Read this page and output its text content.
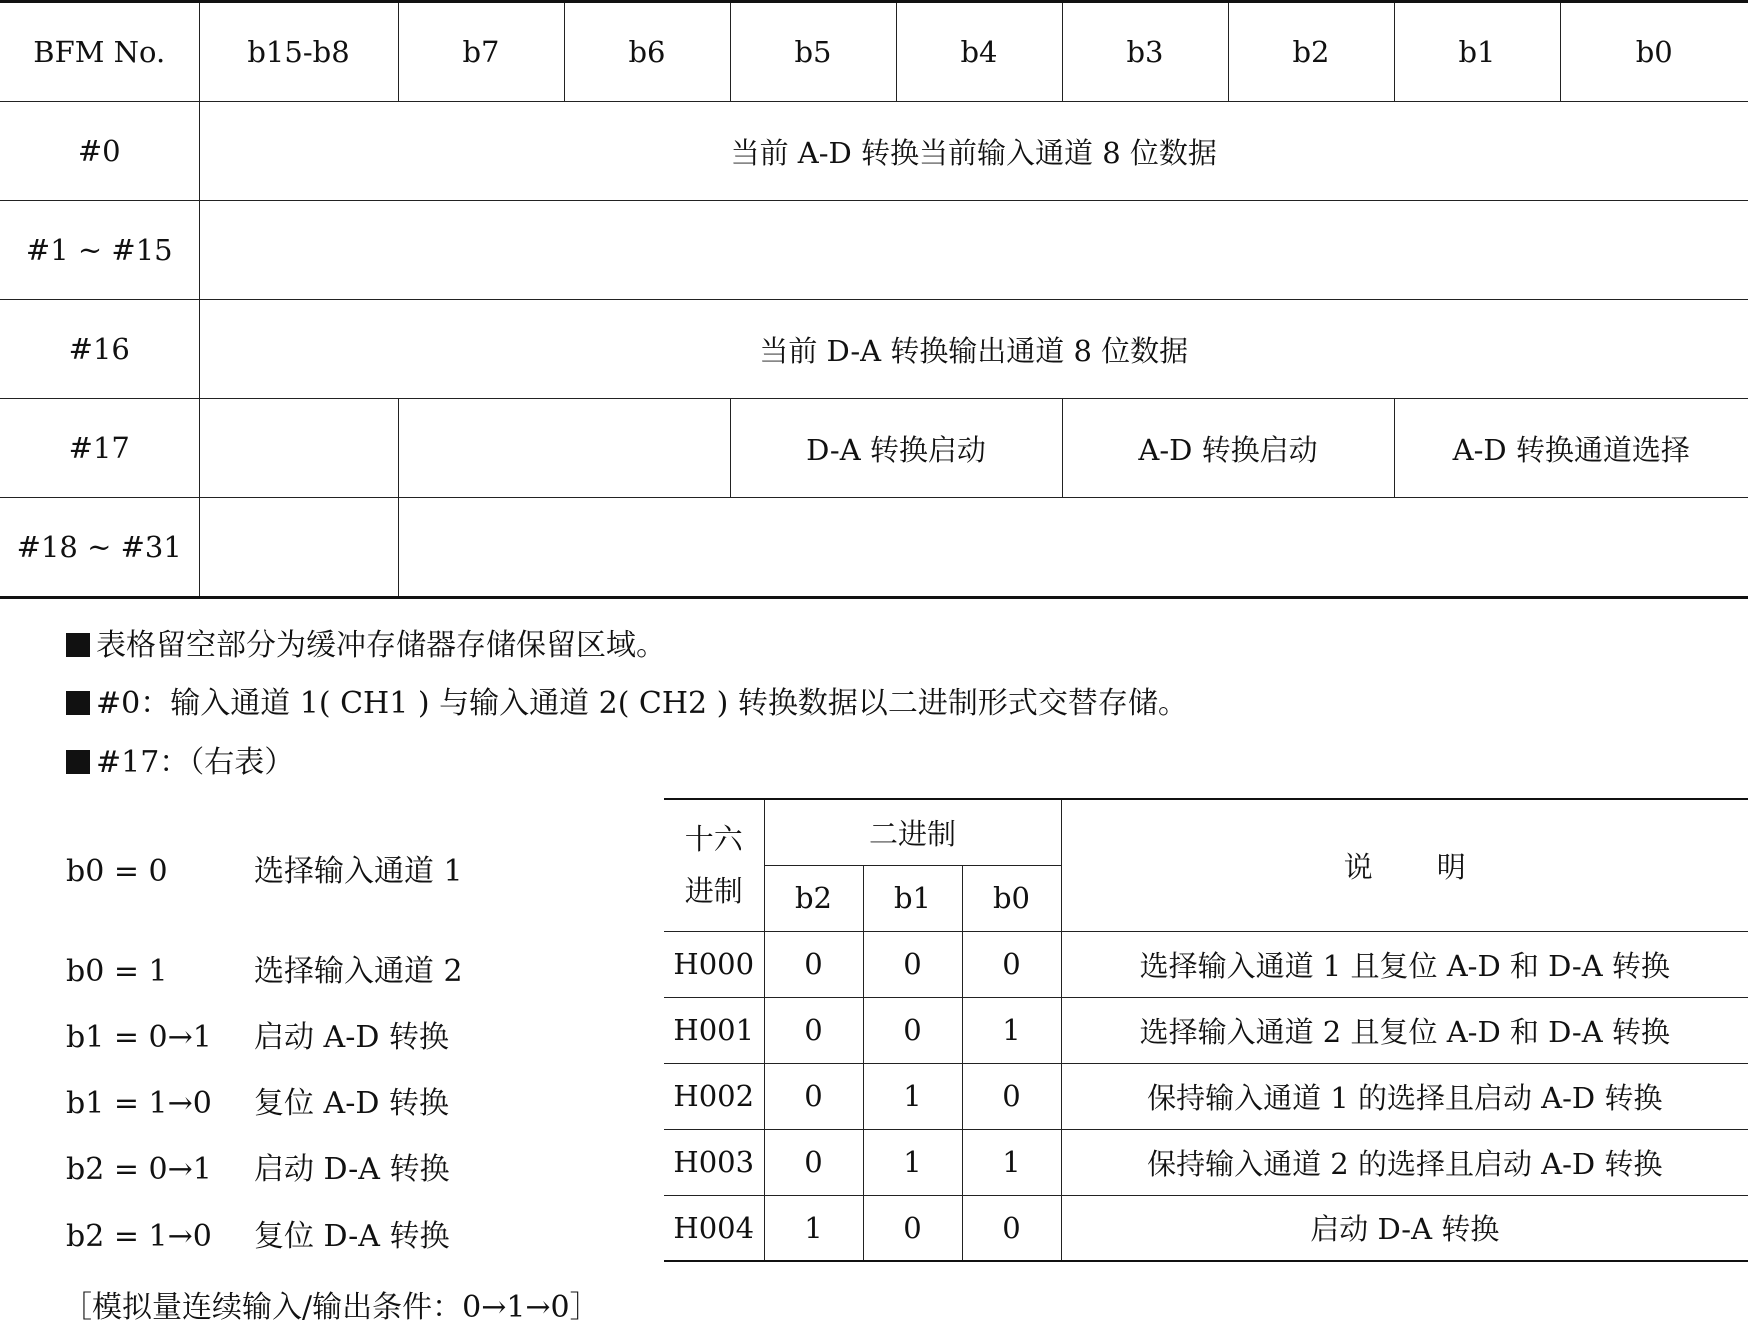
BFM No.	b15-b8	b7	b6	b5	b4	b3	b2	b1	b0
#0	当前 A-D 转换当前输入通道 8 位数据								
#1 ~ #15									
#16	当前 D-A 转换输出通道 8 位数据								
#17				D-A 转换启动		A-D 转换启动		A-D 转换通道选择	
#18 ~ #31									
表格留空部分为缓冲存储器存储保留区域。
#0：输入通道 1( CH1 ) 与输入通道 2( CH2 ) 转换数据以二进制形式交替存储。
#17：（右表）
b0 = 0	选择输入通道 1
b0 = 1	选择输入通道 2
b1 = 0→1 启动 A-D 转换
b1 = 1→0 复位 A-D 转换
b2 = 0→1 启动 D-A 转换
b2 = 1→0 复位 D-A 转换
十六
进制	二进制			说 明
	b2	b1	b0	
H000	0	0	0	选择输入通道 1 且复位 A-D 和 D-A 转换
H001	0	0	1	选择输入通道 2 且复位 A-D 和 D-A 转换
H002	0	1	0	保持输入通道 1 的选择且启动 A-D 转换
H003	0	1	1	保持输入通道 2 的选择且启动 A-D 转换
H004	1	0	0	启动 D-A 转换
［模拟量连续输入/输出条件：0→1→0］
